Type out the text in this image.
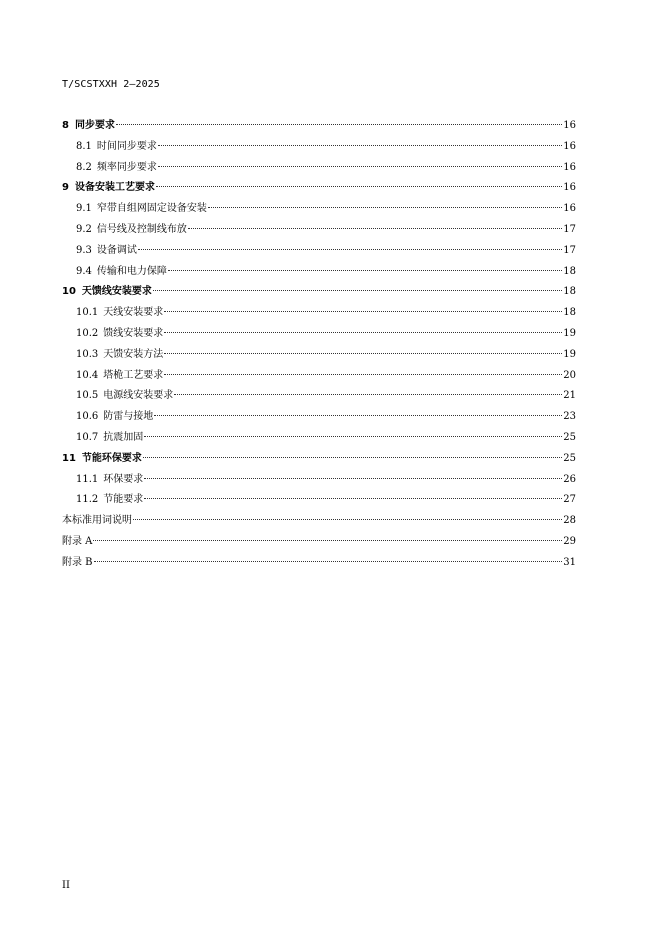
T/SCSTXXH 2—2025
8 同步要求	16
8.1 时间同步要求	16
8.2 频率同步要求	16
9 设备安装工艺要求	16
9.1 窄带自组网固定设备安装	16
9.2 信号线及控制线布放	17
9.3 设备调试	17
9.4 传输和电力保障	18
10 天馈线安装要求	18
10.1 天线安装要求	18
10.2 馈线安装要求	19
10.3 天馈安装方法	19
10.4 塔桅工艺要求	20
10.5 电源线安装要求	21
10.6 防雷与接地	23
10.7 抗震加固	25
11 节能环保要求	25
11.1 环保要求	26
11.2 节能要求	27
本标准用词说明	28
附录 A	29
附录 B	31
II
